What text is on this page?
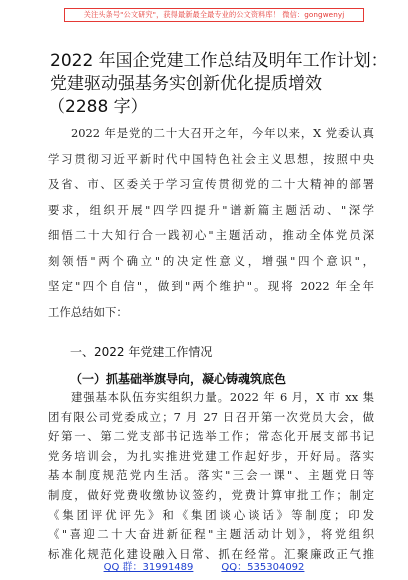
关注头条号"公文研究"，获得最新最全最专业的公文资料库！ 微信：gongwenyj
2022 年国企党建工作总结及明年工作计划：
党建驱动强基务实创新优化提质增效
（2288 字）
2022 年是党的二十大召开之年，今年以来，X 党委认真
学习贯彻习近平新时代中国特色社会主义思想，按照中央
及省、市、区委关于学习宣传贯彻党的二十大精神的部署
要求，组织开展"四学四提升"谱新篇主题活动、"深学
细悟二十大知行合一践初心"主题活动，推动全体党员深
刻领悟"两个确立"的决定性意义，增强"四个意识"，
坚定"四个自信"，做到"两个维护"。现将 2022 年全年
工作总结如下：
一、2022 年党建工作情况
（一）抓基础举旗导向，凝心铸魂筑底色
建强基本队伍夯实组织力量。2022 年 6 月，X 市 xx 集
团有限公司党委成立；7 月 27 日召开第一次党员大会，做
好第一、第二党支部书记选举工作；常态化开展支部书记
党务培训会，为扎实推进党建工作起好步，开好局。落实
基本制度规范党内生活。落实"三会一课"、主题党日等
制度，做好党费收缴协议签约，党费计算审批工作；制定
《集团评优评先》和《集团谈心谈话》等制度；印发
《"喜迎二十大奋进新征程"主题活动计划》，将党组织
标准化规范化建设融入日常、抓在经常。汇聚廉政正气推
QQ 群：31991489	QQ：535304092
